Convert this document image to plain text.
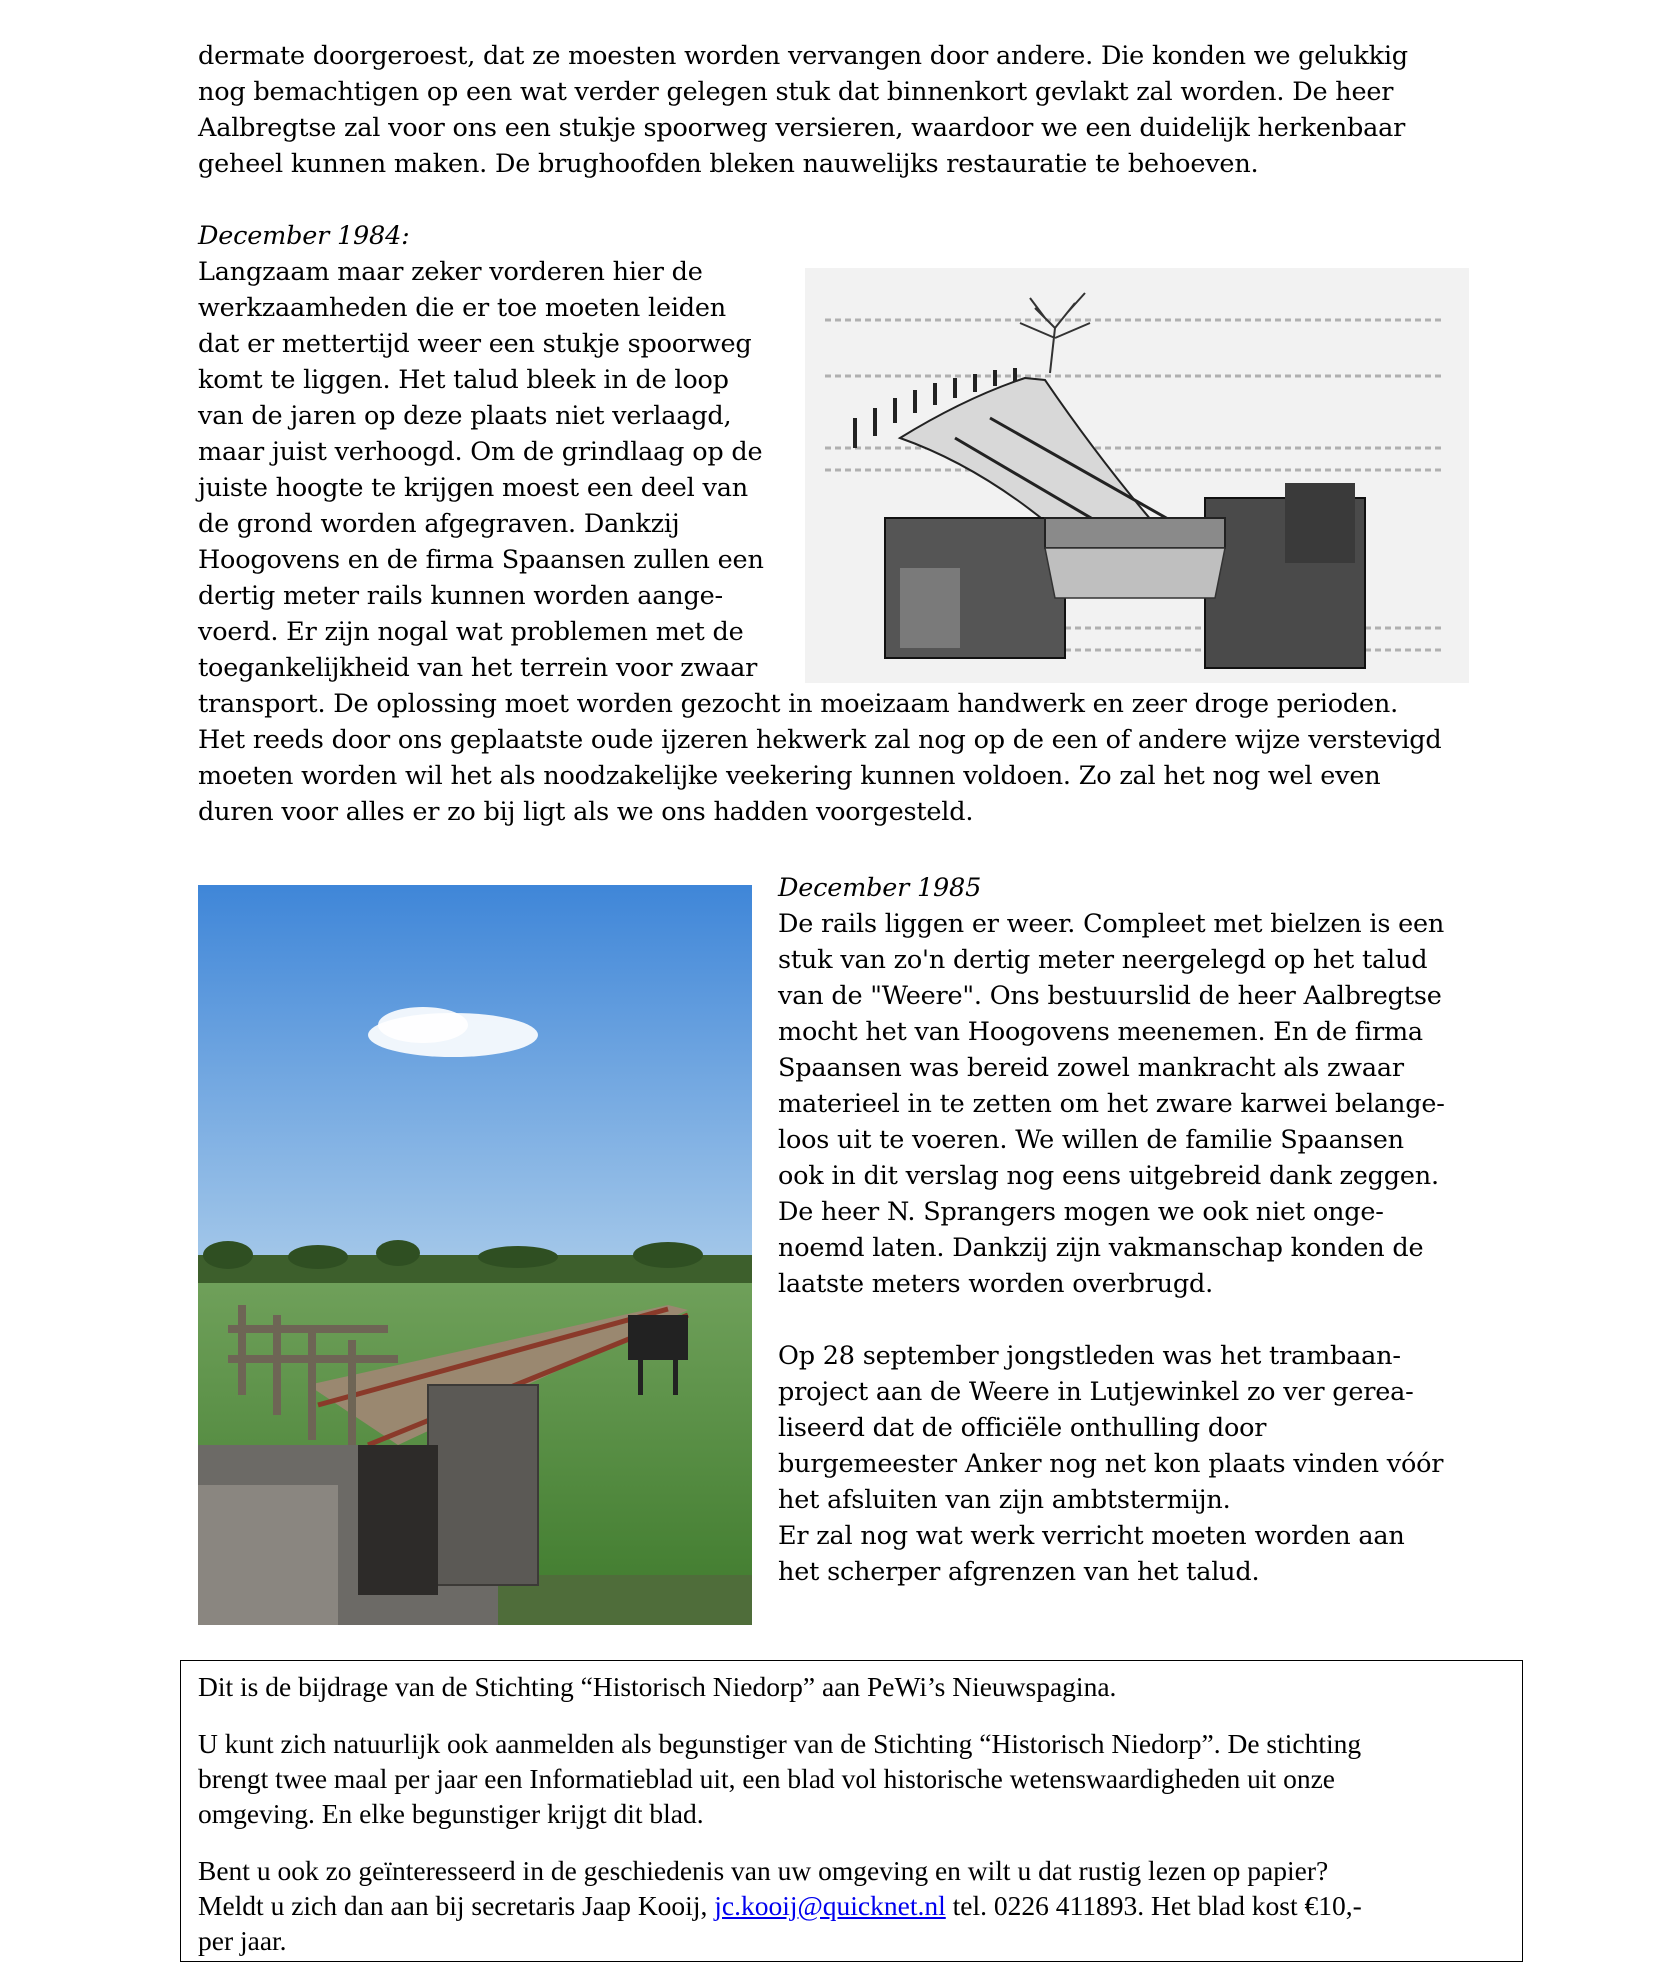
dermate doorgeroest, dat ze moesten worden vervangen door andere. Die konden we gelukkig
nog bemachtigen op een wat verder gelegen stuk dat binnenkort gevlakt zal worden. De heer
Aalbregtse zal voor ons een stukje spoorweg versieren, waardoor we een duidelijk herkenbaar
geheel kunnen maken. De brughoofden bleken nauwelijks restauratie te behoeven.
December 1984:
Langzaam maar zeker vorderen hier de
werkzaamheden die er toe moeten leiden
dat er mettertijd weer een stukje spoorweg
komt te liggen. Het talud bleek in de loop
van de jaren op deze plaats niet verlaagd,
maar juist verhoogd. Om de grindlaag op de
juiste hoogte te krijgen moest een deel van
de grond worden afgegraven. Dankzij
Hoogovens en de firma Spaansen zullen een
dertig meter rails kunnen worden aange-
voerd. Er zijn nogal wat problemen met de
toegankelijkheid van het terrein voor zwaar
transport. De oplossing moet worden gezocht in moeizaam handwerk en zeer droge perioden.
Het reeds door ons geplaatste oude ijzeren hekwerk zal nog op de een of andere wijze verstevigd
moeten worden wil het als noodzakelijke veekering kunnen voldoen. Zo zal het nog wel even
duren voor alles er zo bij ligt als we ons hadden voorgesteld.
December 1985
De rails liggen er weer. Compleet met bielzen is een
stuk van zo'n dertig meter neergelegd op het talud
van de "Weere". Ons bestuurslid de heer Aalbregtse
mocht het van Hoogovens meenemen. En de firma
Spaansen was bereid zowel mankracht als zwaar
materieel in te zetten om het zware karwei belange-
loos uit te voeren. We willen de familie Spaansen
ook in dit verslag nog eens uitgebreid dank zeggen.
De heer N. Sprangers mogen we ook niet onge-
noemd laten. Dankzij zijn vakmanschap konden de
laatste meters worden overbrugd.
Op 28 september jongstleden was het trambaan-
project aan de Weere in Lutjewinkel zo ver gerea-
liseerd dat de officiële onthulling door
burgemeester Anker nog net kon plaats vinden vóór
het afsluiten van zijn ambtstermijn.
Er zal nog wat werk verricht moeten worden aan
het scherper afgrenzen van het talud.
Dit is de bijdrage van de Stichting “Historisch Niedorp” aan PeWi’s Nieuwspagina.
U kunt zich natuurlijk ook aanmelden als begunstiger van de Stichting “Historisch Niedorp”. De stichting
brengt twee maal per jaar een Informatieblad uit, een blad vol historische wetenswaardigheden uit onze
omgeving. En elke begunstiger krijgt dit blad.
Bent u ook zo geïnteresseerd in de geschiedenis van uw omgeving en wilt u dat rustig lezen op papier?
Meldt u zich dan aan bij secretaris Jaap Kooij, jc.kooij@quicknet.nl tel. 0226 411893. Het blad kost €10,-
per jaar.
